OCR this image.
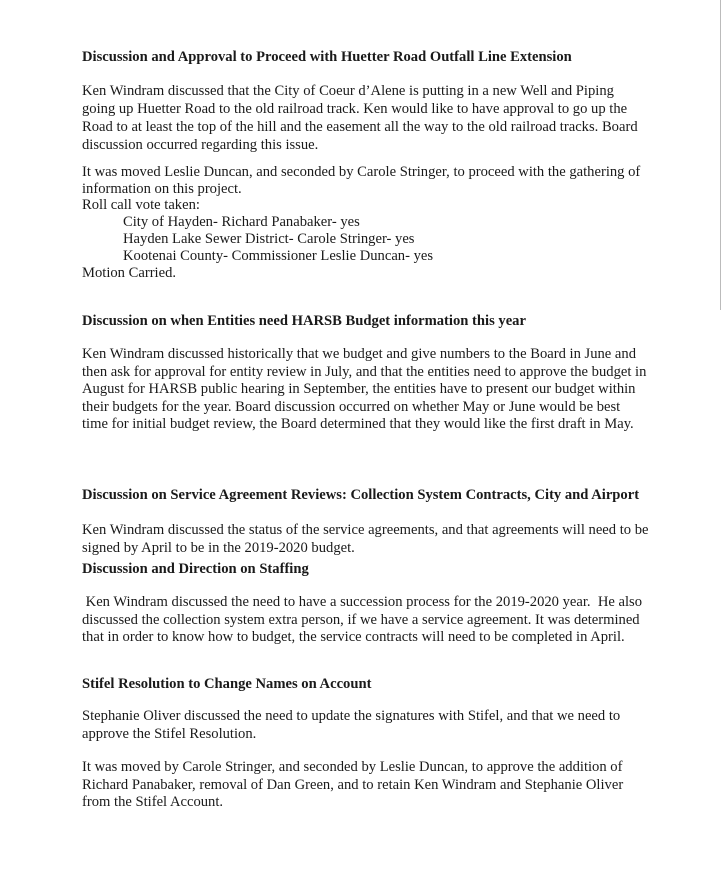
Discussion and Approval to Proceed with Huetter Road Outfall Line Extension
Ken Windram discussed that the City of Coeur d’Alene is putting in a new Well and Piping
going up Huetter Road to the old railroad track. Ken would like to have approval to go up the
Road to at least the top of the hill and the easement all the way to the old railroad tracks. Board
discussion occurred regarding this issue.
It was moved Leslie Duncan, and seconded by Carole Stringer, to proceed with the gathering of
information on this project.
Roll call vote taken:
City of Hayden- Richard Panabaker- yes
Hayden Lake Sewer District- Carole Stringer- yes
Kootenai County- Commissioner Leslie Duncan- yes
Motion Carried.
Discussion on when Entities need HARSB Budget information this year
Ken Windram discussed historically that we budget and give numbers to the Board in June and
then ask for approval for entity review in July, and that the entities need to approve the budget in
August for HARSB public hearing in September, the entities have to present our budget within
their budgets for the year. Board discussion occurred on whether May or June would be best
time for initial budget review, the Board determined that they would like the first draft in May.
Discussion on Service Agreement Reviews: Collection System Contracts, City and Airport
Ken Windram discussed the status of the service agreements, and that agreements will need to be
signed by April to be in the 2019-2020 budget.
Discussion and Direction on Staffing
Ken Windram discussed the need to have a succession process for the 2019-2020 year.  He also
discussed the collection system extra person, if we have a service agreement. It was determined
that in order to know how to budget, the service contracts will need to be completed in April.
Stifel Resolution to Change Names on Account
Stephanie Oliver discussed the need to update the signatures with Stifel, and that we need to
approve the Stifel Resolution.
It was moved by Carole Stringer, and seconded by Leslie Duncan, to approve the addition of
Richard Panabaker, removal of Dan Green, and to retain Ken Windram and Stephanie Oliver
from the Stifel Account.
